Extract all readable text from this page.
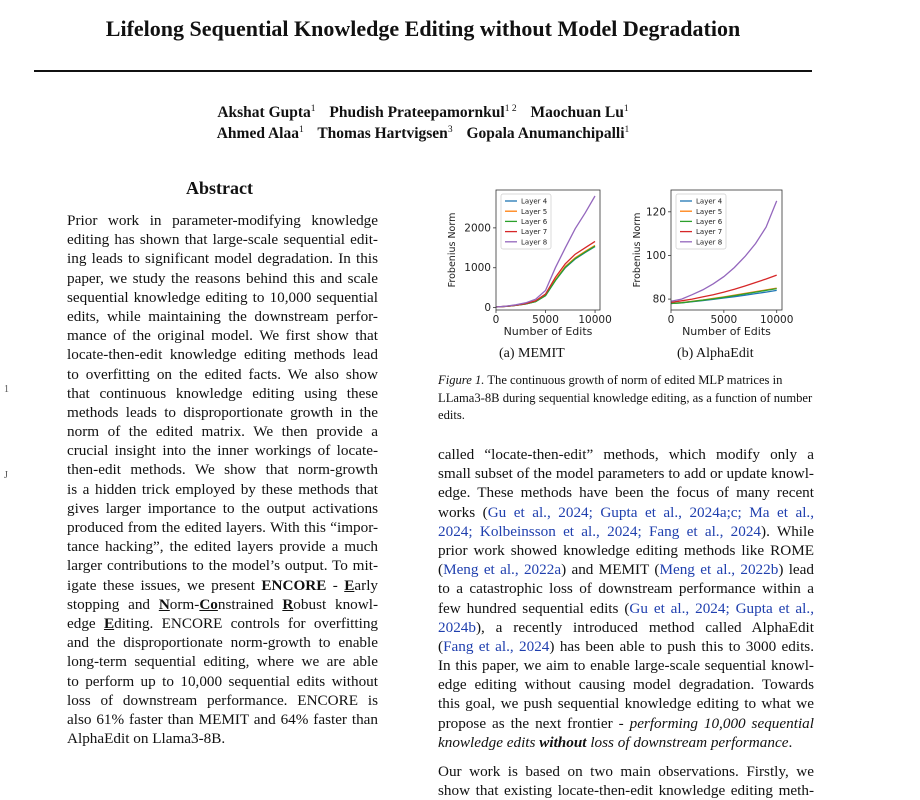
Lifelong Sequential Knowledge Editing without Model Degradation
Akshat Gupta$^1$ Phudish Prateepamornkul$^{1 2}$ Maochuan Lu$^1$
Ahmed Alaa$^1$ Thomas Hartvigsen$^3$ Gopala Anumanchipalli$^1$
1
J
Abstract
Prior work in parameter-modifying knowledge
editing has shown that large-scale sequential edit-
ing leads to significant model degradation. In this
paper, we study the reasons behind this and scale
sequential knowledge editing to 10,000 sequential
edits, while maintaining the downstream perfor-
mance of the original model. We first show that
locate-then-edit knowledge editing methods lead
to overfitting on the edited facts. We also show
that continuous knowledge editing using these
methods leads to disproportionate growth in the
norm of the edited matrix. We then provide a
crucial insight into the inner workings of locate-
then-edit methods. We show that norm-growth
is a hidden trick employed by these methods that
gives larger importance to the output activations
produced from the edited layers. With this “impor-
tance hacking”, the edited layers provide a much
larger contributions to the model’s output. To mit-
igate these issues, we present ENCORE - Early
stopping and Norm-Constrained Robust knowl-
edge Editing. ENCORE controls for overfitting
and the disproportionate norm-growth to enable
long-term sequential editing, where we are able
to perform up to 10,000 sequential edits without
loss of downstream performance. ENCORE is
also 61% faster than MEMIT and 64% faster than
AlphaEdit on Llama3-8B.
0	5000 10000
0
1000
2000
Number of Edits
Frobenius Norm
Layer 4
Layer 5
Layer 6
Layer 7
Layer 8
0	5000 10000
80
100
120
Number of Edits
Frobenius Norm
Layer 4
Layer 5
Layer 6
Layer 7
Layer 8
(a) MEMIT	(b) AlphaEdit
Figure 1. The continuous growth of norm of edited MLP matrices in LLama3-8B during sequential knowledge editing, as a function of number edits.
called “locate-then-edit” methods, which modify only a
small subset of the model parameters to add or update knowl-
edge. These methods have been the focus of many recent
works (Gu et al., 2024; Gupta et al., 2024a;c; Ma et al.,
2024; Kolbeinsson et al., 2024; Fang et al., 2024). While
prior work showed knowledge editing methods like ROME
(Meng et al., 2022a) and MEMIT (Meng et al., 2022b) lead
to a catastrophic loss of downstream performance within a
few hundred sequential edits (Gu et al., 2024; Gupta et al.,
2024b), a recently introduced method called AlphaEdit
(Fang et al., 2024) has been able to push this to 3000 edits.
In this paper, we aim to enable large-scale sequential knowl-
edge editing without causing model degradation. Towards
this goal, we push sequential knowledge editing to what we
propose as the next frontier - performing 10,000 sequential
knowledge edits without loss of downstream performance.
Our work is based on two main observations. Firstly, we
show that existing locate-then-edit knowledge editing meth-
